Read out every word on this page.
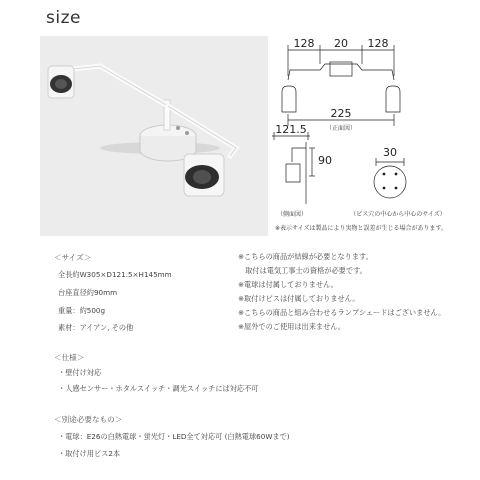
size
128 20 128
225
（正面図）
121.5
90
（側面図）
30
（ビス穴の中心から中心のサイズ）
※表示サイズは製品により実物と誤差が生じる場合があります。
＜サイズ＞
全長約W305×D121.5×H145mm
台座直径約90mm
重量：約500g
素材：アイアン, その他
※こちらの商品が結線が必要となります。
　取付は電気工事士の資格が必要です。
※電球は付属しておりません。
※取付けビスは付属しておりません。
※こちらの商品と組み合わせるランプシェードはございません。
※屋外でのご使用は出来ません。
＜仕様＞
・壁付け対応
・人感センサー・ホタルスイッチ・調光スイッチには対応不可
＜別途必要なもの＞
・電球：E26の白熱電球・蛍光灯・LED全て対応可 (白熱電球60Wまで)
・取付け用ビス2本
